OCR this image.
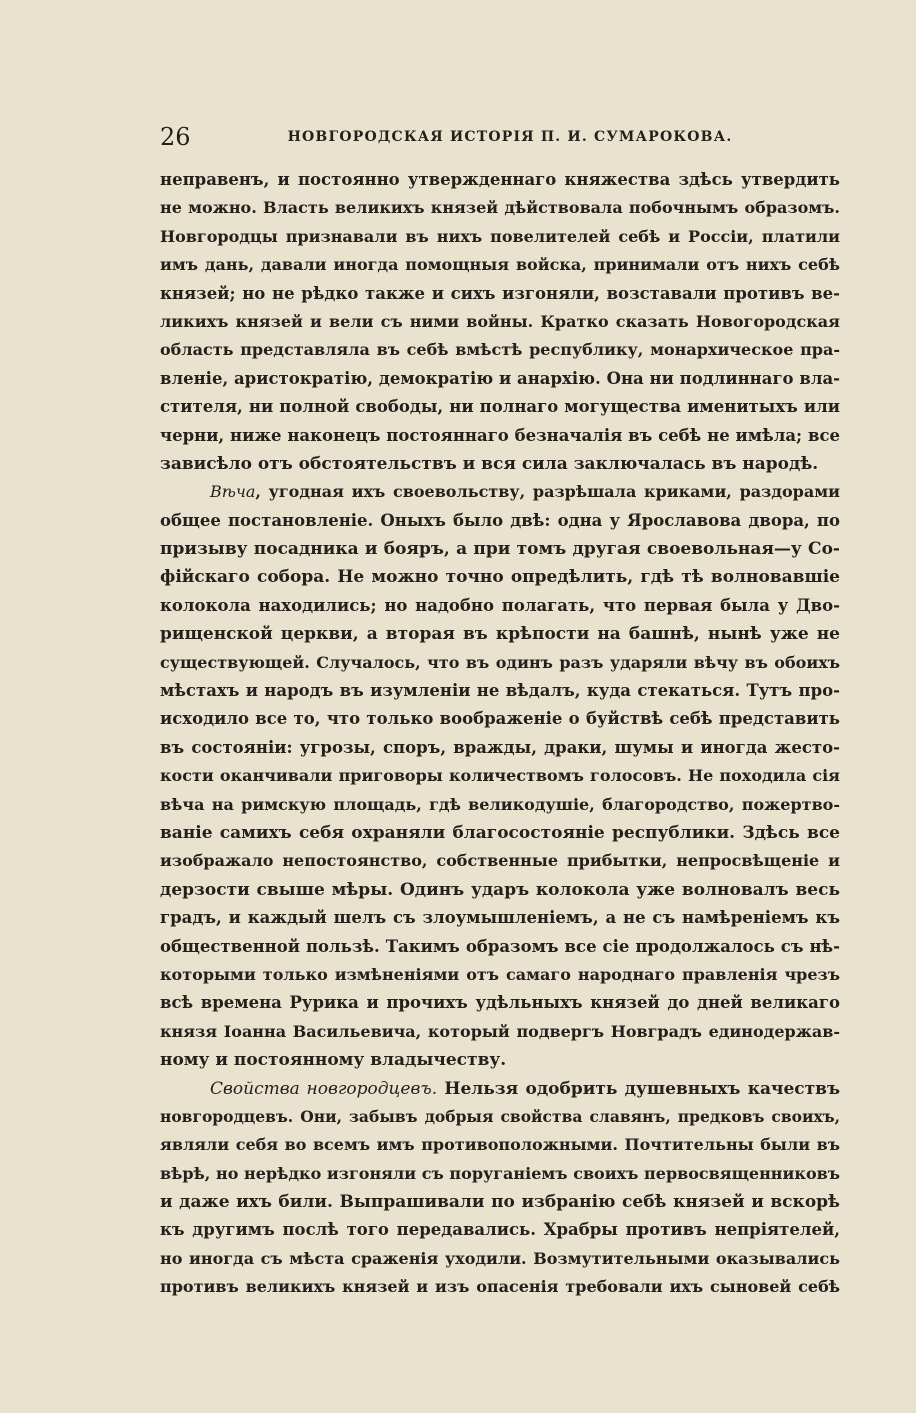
26	НОВГОРОДСКАЯ ИСТОРІЯ П. И. СУМАРОКОВА.
непpaвенъ, и постоянно утвержденнаго княжества здѣсь утвердить
не можно. Власть великихъ князей дѣйствовала побочнымъ образомъ.
Новгородцы признавали въ нихъ повелителей себѣ и Россіи, платили
имъ дань, давали иногда помощныя войска, принимали отъ нихъ себѣ
князей; но не рѣдко также и сихъ изгоняли, возставали противъ ве-
ликихъ князей и вели съ ними войны. Кратко сказать Новогородская
область представляла въ себѣ вмѣстѣ республику, монархическое пра-
вленіе, аристократію, демократію и анархію. Она ни подлиннаго вла-
стителя, ни полной свободы, ни полнаго могущества именитыхъ или
черни, ниже наконецъ постояннаго безначалія въ себѣ не имѣла; все
зависѣло отъ обстоятельствъ и вся сила заключалась въ народѣ.
Вѣча, угодная ихъ своевольству, разрѣшала криками, раздорами
общее постановленіе. Оныхъ было двѣ: одна у Ярославова двора, по
призыву посадника и бояръ, а при томъ другая своевольная—у Со-
фійскаго собора. Не можно точно опредѣлить, гдѣ тѣ волновавшіе
колокола находились; но надобно полагать, что первая была у Дво-
рищенской церкви, а вторая въ крѣпости на башнѣ, нынѣ уже не
существующей. Случалось, что въ одинъ разъ ударяли вѣчу въ обоихъ
мѣстахъ и народъ въ изумленіи не вѣдалъ, куда стекаться. Тутъ про-
исходило все то, что только воображеніе о буйствѣ себѣ представить
въ состояніи: угрозы, споръ, вражды, драки, шумы и иногда жесто-
кости оканчивали приговоры количествомъ голосовъ. Не походила сія
вѣча на римскую площадь, гдѣ великодушіе, благородство, пожертво-
ваніе самихъ себя охраняли благосостояніе республики. Здѣсь все
изображало непостоянство, собственные прибытки, непросвѣщеніе и
дерзости свыше мѣры. Одинъ ударъ колокола уже волновалъ весь
градъ, и каждый шелъ съ злоумышленіемъ, а не съ намѣреніемъ къ
общественной пользѣ. Такимъ образомъ все сіе продолжалось съ нѣ-
которыми только измѣненіями отъ самаго народнаго правленія чрезъ
всѣ времена Рурика и прочихъ удѣльныхъ князей до дней великаго
князя Іоанна Васильевича, который подвергъ Новградъ единодержав-
ному и постоянному владычеству.
Свойства новгородцевъ. Нельзя одобрить душевныхъ качествъ
новгородцевъ. Они, забывъ добрыя свойства славянъ, предковъ своихъ,
являли себя во всемъ имъ противоположными. Почтительны были въ
вѣрѣ, но нерѣдко изгоняли съ поруганіемъ своихъ первосвященниковъ
и даже ихъ били. Выпрашивали по избранію себѣ князей и вскорѣ
къ другимъ послѣ того передавались. Храбры противъ непріятелей,
но иногда съ мѣста сраженія уходили. Возмутительными оказывались
противъ великихъ князей и изъ опасенія требовали ихъ сыновей себѣ
